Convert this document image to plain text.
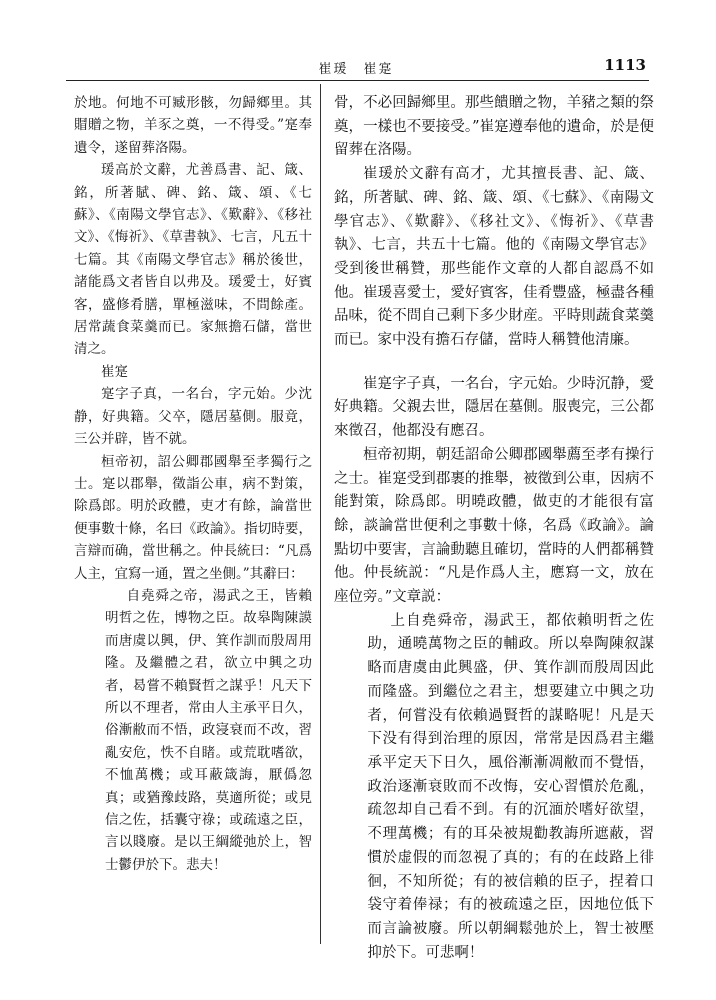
崔瑗　崔寔	1113

於地。何地不可臧形骸，勿歸鄉里。其賵贈之物，羊豕之奠，一不得受。”寔奉遺令，遂留葬洛陽。

瑗高於文辭，尤善爲書、記、箴、銘，所著賦、碑、銘、箴、頌、《七蘇》、《南陽文學官志》、《歎辭》、《移社文》、《悔祈》、《草書執》、七言，凡五十七篇。其《南陽文學官志》稱於後世，諸能爲文者皆自以弗及。瑗愛士，好賓客，盛修肴膳，單極滋味，不問餘產。居常蔬食菜羹而已。家無擔石儲，當世清之。

崔寔

寔字子真，一名台，字元始。少沈静，好典籍。父卒，隱居墓側。服竟，三公并辟，皆不就。

桓帝初，詔公卿郡國舉至孝獨行之士。寔以郡舉，徵詣公車，病不對策，除爲郎。明於政體，吏才有餘，論當世便事數十條，名曰《政論》。指切時要，言辯而确，當世稱之。仲長統曰：“凡爲人主，宜寫一通，置之坐側。”其辭曰：

自堯舜之帝，湯武之王，皆賴明哲之佐，博物之臣。故皋陶陳謨而唐虞以興，伊、箕作訓而殷周用隆。及繼體之君，欲立中興之功者，曷嘗不賴賢哲之謀乎！凡天下所以不理者，常由人主承平日久，俗漸敝而不悟，政寖衰而不改，習亂安危，怢不自睹。或荒耽嗜欲，不恤萬機；或耳蔽箴誨，厭僞忽真；或猶豫歧路，莫適所從；或見信之佐，括囊守祿；或疏遠之臣，言以賤廢。是以王綱縱弛於上，智士鬱伊於下。悲夫！

骨，不必回歸鄉里。那些饋贈之物，羊豬之類的祭奠，一樣也不要接受。”崔寔遵奉他的遺命，於是便留葬在洛陽。

崔瑗於文辭有高才，尤其擅長書、記、箴、銘，所著賦、碑、銘、箴、頌、《七蘇》、《南陽文學官志》、《歎辭》、《移社文》、《悔祈》、《草書執》、七言，共五十七篇。他的《南陽文學官志》受到後世稱贊，那些能作文章的人都自認爲不如他。崔瑗喜愛士，愛好賓客，佳肴豐盛，極盡各種品味，從不問自己剩下多少財産。平時則蔬食菜羹而已。家中没有擔石存儲，當時人稱贊他清廉。

崔寔字子真，一名台，字元始。少時沉静，愛好典籍。父親去世，隱居在墓側。服喪完，三公都來徵召，他都没有應召。

桓帝初期，朝廷詔命公卿郡國舉薦至孝有操行之士。崔寔受到郡裹的推舉，被徵到公車，因病不能對策，除爲郎。明曉政體，做吏的才能很有富餘，談論當世便利之事數十條，名爲《政論》。論點切中要害，言論動聽且確切，當時的人們都稱贊他。仲長統説：“凡是作爲人主，應寫一文，放在座位旁。”文章説：

上自堯舜帝，湯武王，都依賴明哲之佐助，通曉萬物之臣的輔政。所以皋陶陳叙謀略而唐虞由此興盛，伊、箕作訓而殷周因此而隆盛。到繼位之君主，想要建立中興之功者，何嘗没有依賴過賢哲的謀略呢！凡是天下没有得到治理的原因，常常是因爲君主繼承平定天下日久，風俗漸漸凋敝而不覺悟，政治逐漸衰敗而不改悔，安心習慣於危亂，疏忽却自己看不到。有的沉湎於嗜好欲望，不理萬機；有的耳朵被規勸教誨所遮蔽，習慣於虚假的而忽視了真的；有的在歧路上徘徊，不知所從；有的被信賴的臣子，捏着口袋守着俸禄；有的被疏遠之臣，因地位低下而言論被廢。所以朝綱鬆弛於上，智士被壓抑於下。可悲啊！
